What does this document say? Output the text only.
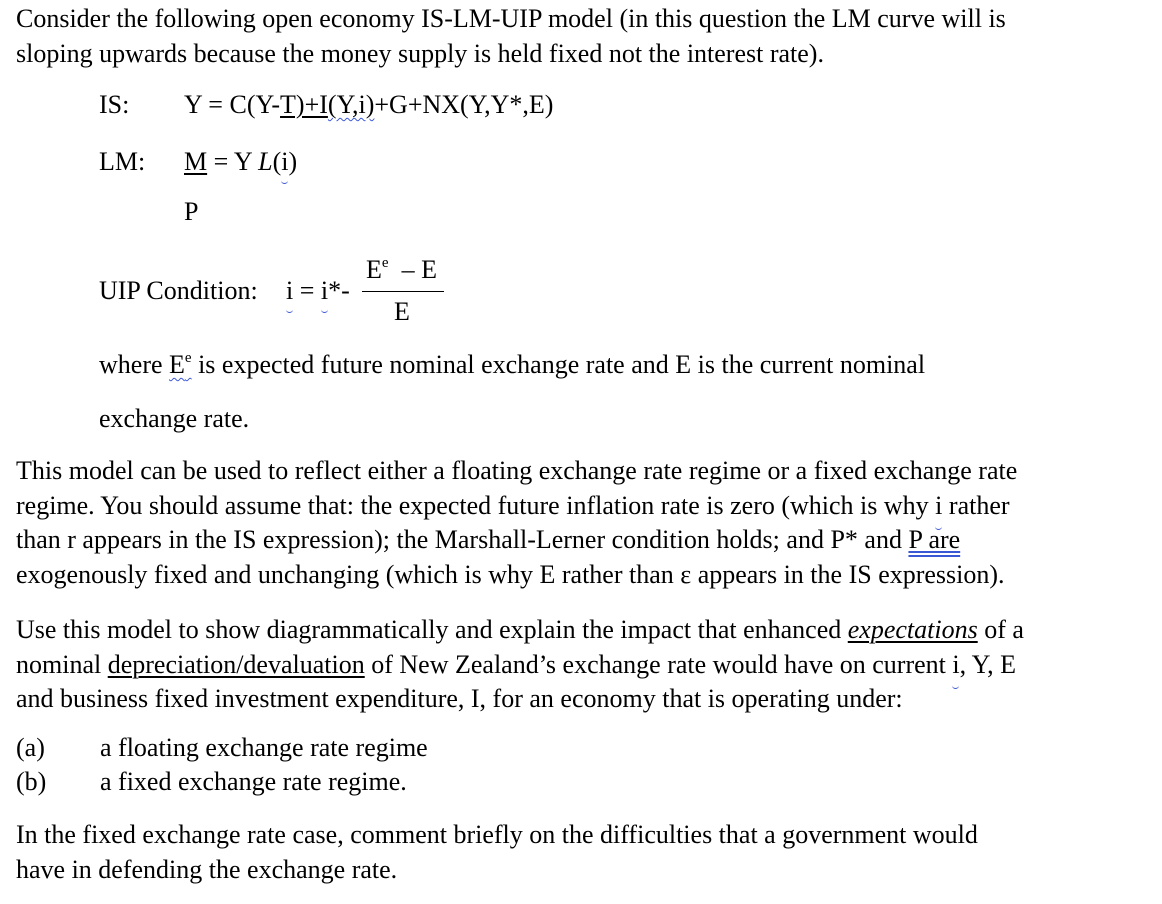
Consider the following open economy IS-LM-UIP model (in this question the LM curve will is
sloping upwards because the money supply is held fixed not the interest rate).
IS: Y = C(Y-T)+I(Y,i)+G+NX(Y,Y*,E)
LM: M = Y L(i)
P
UIP Condition: i = i*-
$E^e$  – E
E
where $E^e$ is expected future nominal exchange rate and E is the current nominal
exchange rate.
This model can be used to reflect either a floating exchange rate regime or a fixed exchange rate
regime. You should assume that: the expected future inflation rate is zero (which is why i rather
than r appears in the IS expression); the Marshall-Lerner condition holds; and P* and P are
exogenously fixed and unchanging (which is why E rather than ε appears in the IS expression).
Use this model to show diagrammatically and explain the impact that enhanced expectations of a
nominal depreciation/devaluation of New Zealand’s exchange rate would have on current i, Y, E
and business fixed investment expenditure, I, for an economy that is operating under:
(a) a floating exchange rate regime
(b) a fixed exchange rate regime.
In the fixed exchange rate case, comment briefly on the difficulties that a government would
have in defending the exchange rate.
